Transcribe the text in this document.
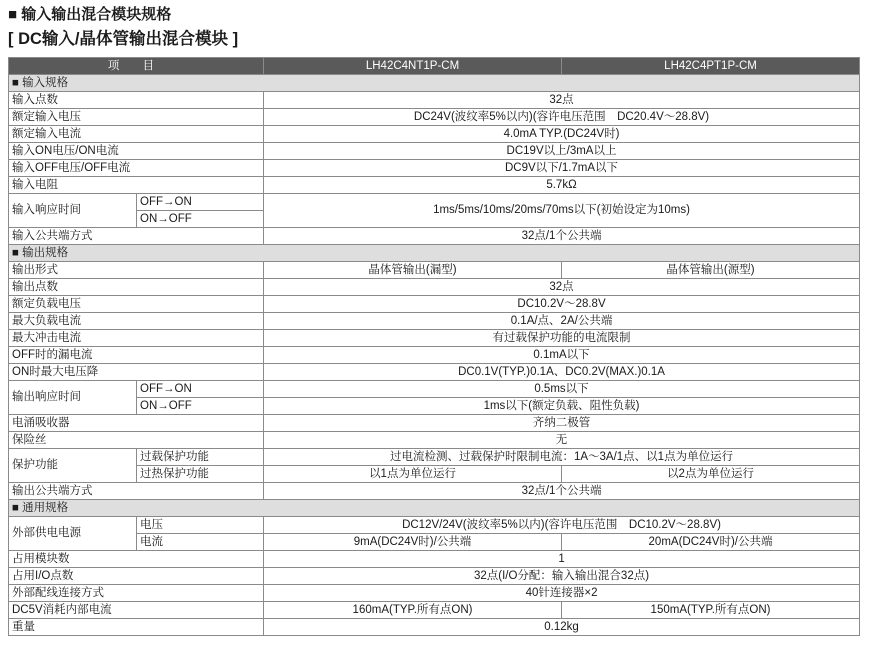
■ 输入输出混合模块规格
[ DC输入/晶体管输出混合模块 ]
项 目		LH42C4NT1P-CM	LH42C4PT1P-CM
■ 输入规格			
输入点数		32点	
额定输入电压		DC24V(波纹率5%以内)(容许电压范围　DC20.4V～28.8V)	
额定输入电流		4.0mA TYP.(DC24V时)	
输入ON电压/ON电流		DC19V以上/3mA以上	
输入OFF电压/OFF电流		DC9V以下/1.7mA以下	
输入电阻		5.7kΩ	
输入响应时间	OFF→ON	1ms/5ms/10ms/20ms/70ms以下(初始设定为10ms)	
	ON→OFF		
输入公共端方式		32点/1个公共端	
■ 输出规格			
输出形式		晶体管输出(漏型)	晶体管输出(源型)
输出点数		32点	
额定负载电压		DC10.2V～28.8V	
最大负载电流		0.1A/点、2A/公共端	
最大冲击电流		有过载保护功能的电流限制	
OFF时的漏电流		0.1mA以下	
ON时最大电压降		DC0.1V(TYP.)0.1A、DC0.2V(MAX.)0.1A	
输出响应时间	OFF→ON	0.5ms以下	
	ON→OFF	1ms以下(额定负载、阻性负载)	
电涌吸收器		齐纳二极管	
保险丝		无	
保护功能	过载保护功能	过电流检测、过载保护时限制电流：1A～3A/1点、以1点为单位运行	
	过热保护功能	以1点为单位运行	以2点为单位运行
输出公共端方式		32点/1个公共端	
■ 通用规格			
外部供电电源	电压	DC12V/24V(波纹率5%以内)(容许电压范围　DC10.2V～28.8V)	
	电流	9mA(DC24V时)/公共端	20mA(DC24V时)/公共端
占用模块数		1	
占用I/O点数		32点(I/O分配：输入输出混合32点)	
外部配线连接方式		40针连接器×2	
DC5V消耗内部电流		160mA(TYP.所有点ON)	150mA(TYP.所有点ON)
重量		0.12kg	
